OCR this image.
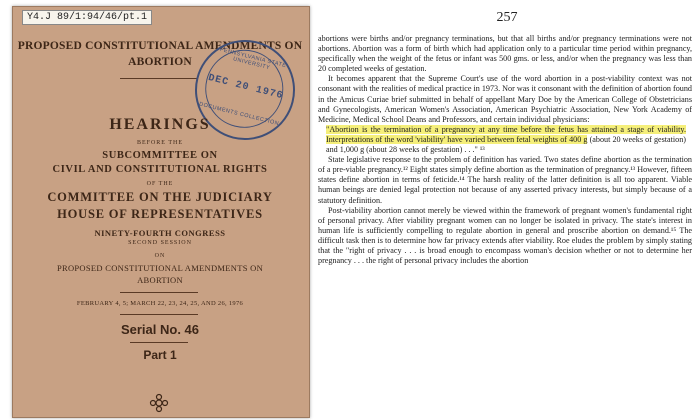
Y4.J 89/1:94/46/pt.1
PROPOSED CONSTITUTIONAL AMENDMENTS ON
ABORTION	PENNSYLVANIA STATE UNIVERSITY
DEC 20 1976
DOCUMENTS COLLECTION
HEARINGS
BEFORE THE
SUBCOMMITTEE ON
CIVIL AND CONSTITUTIONAL RIGHTS
OF THE
COMMITTEE ON THE JUDICIARY
HOUSE OF REPRESENTATIVES
NINETY-FOURTH CONGRESS
SECOND SESSION
ON
PROPOSED CONSTITUTIONAL AMENDMENTS ON
ABORTION
FEBRUARY 4, 5; MARCH 22, 23, 24, 25, AND 26, 1976
Serial No. 46
Part 1
257

abortions were births and/or pregnancy terminations, but that all births and/or pregnancy terminations were not abortions. Abortion was a form of birth which had application only to a particular time period within pregnancy, specifically when the weight of the fetus or infant was 500 gms. or less, and/or when the pregnancy was less than 20 completed weeks of gestation.

It becomes apparent that the Supreme Court's use of the word abortion in a post-viability context was not consonant with the realities of medical practice in 1973. Nor was it consonant with the definition of abortion found in the Amicus Curiae brief submitted in behalf of appellant Mary Doe by the American College of Obstetricians and Gynecologists, American Women's Association, American Psychiatric Association, New York Academy of Medicine, Medical School Deans and Professors, and certain individual physicians:

"Abortion is the termination of a pregnancy at any time before the fetus has attained a stage of viability. Interpretations of the word 'viability' have varied between fetal weights of 400 g (about 20 weeks of gestation) and 1,000 g (about 28 weeks of gestation) . . ." ¹³

State legislative response to the problem of definition has varied. Two states define abortion as the termination of a pre-viable pregnancy.¹² Eight states simply define abortion as the termination of pregnancy.¹³ However, fifteen states define abortion in terms of feticide.¹⁴ The harsh reality of the latter definition is all too apparent. Viable human beings are denied legal protection not because of any asserted privacy interests, but simply because of a statutory definition.

Post-viability abortion cannot merely be viewed within the framework of pregnant women's fundamental right of personal privacy. After viability pregnant women can no longer be isolated in privacy. The state's interest in human life is sufficiently compelling to regulate abortion in general and proscribe abortion on demand.¹⁵ The difficult task then is to determine how far privacy extends after viability. Roe eludes the problem by simply stating that the "right of privacy . . . is broad enough to encompass woman's decision whether or not to determine her pregnancy . . . the right of personal privacy includes the abortion
